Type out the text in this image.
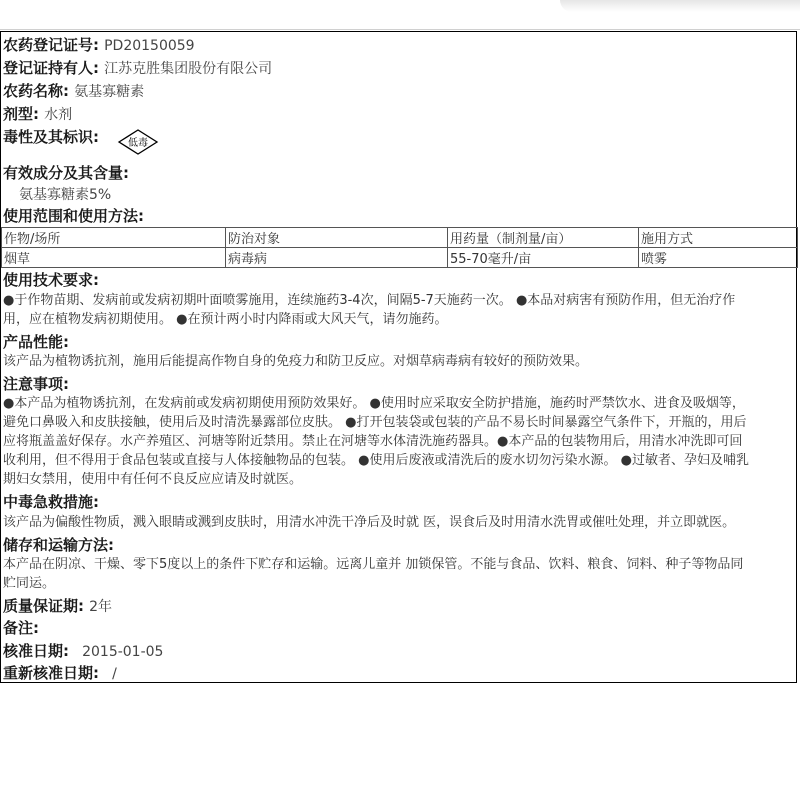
农药登记证号: PD20150059
登记证持有人: 江苏克胜集团股份有限公司
农药名称: 氨基寡糖素
剂型: 水剂
毒性及其标识:	低毒
有效成分及其含量:
氨基寡糖素5%
使用范围和使用方法:
作物/场所	防治对象	用药量（制剂量/亩）	施用方式
烟草	病毒病	55-70毫升/亩	喷雾
使用技术要求:
●于作物苗期、发病前或发病初期叶面喷雾施用，连续施药3-4次，间隔5-7天施药一次。 ●本品对病害有预防作用，但无治疗作
用，应在植物发病初期使用。 ●在预计两小时内降雨或大风天气，请勿施药。
产品性能:
该产品为植物诱抗剂，施用后能提高作物自身的免疫力和防卫反应。对烟草病毒病有较好的预防效果。
注意事项:
●本产品为植物诱抗剂，在发病前或发病初期使用预防效果好。 ●使用时应采取安全防护措施，施药时严禁饮水、进食及吸烟等，
避免口鼻吸入和皮肤接触，使用后及时清洗暴露部位皮肤。 ●打开包装袋或包装的产品不易长时间暴露空气条件下，开瓶的，用后
应将瓶盖盖好保存。水产养殖区、河塘等附近禁用。禁止在河塘等水体清洗施药器具。●本产品的包装物用后，用清水冲洗即可回
收利用，但不得用于食品包装或直接与人体接触物品的包装。 ●使用后废液或清洗后的废水切勿污染水源。 ●过敏者、孕妇及哺乳
期妇女禁用，使用中有任何不良反应应请及时就医。
中毒急救措施:
该产品为偏酸性物质，溅入眼睛或溅到皮肤时，用清水冲洗干净后及时就 医，误食后及时用清水洗胃或催吐处理，并立即就医。
储存和运输方法:
本产品在阴凉、干燥、零下5度以上的条件下贮存和运输。远离儿童并 加锁保管。不能与食品、饮料、粮食、饲料、种子等物品同
贮同运。
质量保证期: 2年
备注:
核准日期: 2015-01-05
重新核准日期: /
